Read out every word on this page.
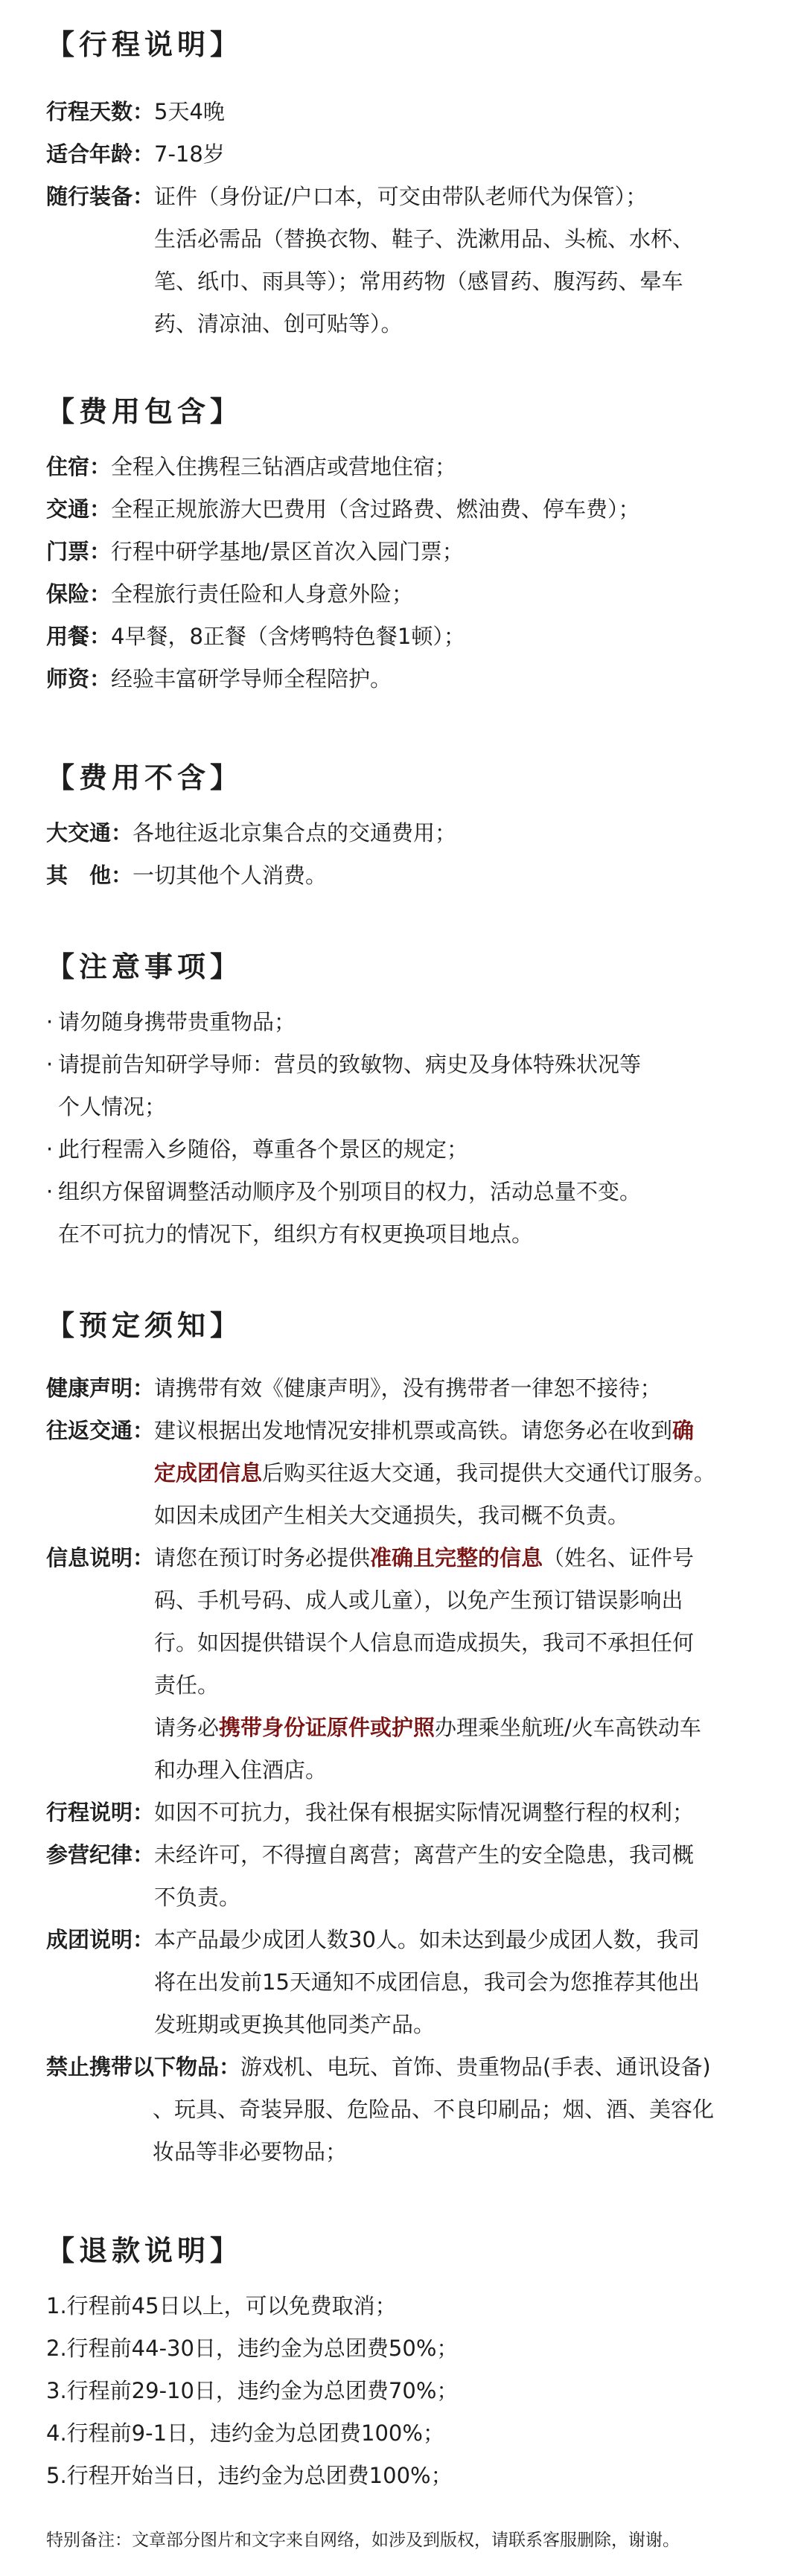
【行程说明】
行程天数： 5天4晚
适合年龄： 7-18岁
随行装备： 证件（身份证/户口本，可交由带队老师代为保管）；
生活必需品（替换衣物、鞋子、洗漱用品、头梳、水杯、
笔、纸巾、雨具等）；常用药物（感冒药、腹泻药、晕车
药、清凉油、创可贴等）。
【费用包含】
住宿： 全程入住携程三钻酒店或营地住宿；
交通： 全程正规旅游大巴费用（含过路费、燃油费、停车费）；
门票： 行程中研学基地/景区首次入园门票；
保险： 全程旅行责任险和人身意外险；
用餐： 4早餐，8正餐（含烤鸭特色餐1顿）；
师资： 经验丰富研学导师全程陪护。
【费用不含】
大交通： 各地往返北京集合点的交通费用；
其　他： 一切其他个人消费。
【注意事项】
· 请勿随身携带贵重物品；
· 请提前告知研学导师：营员的致敏物、病史及身体特殊状况等
个人情况；
· 此行程需入乡随俗，尊重各个景区的规定；
· 组织方保留调整活动顺序及个别项目的权力，活动总量不变。
在不可抗力的情况下，组织方有权更换项目地点。
【预定须知】
健康声明： 请携带有效《健康声明》，没有携带者一律恕不接待；
往返交通： 建议根据出发地情况安排机票或高铁。请您务必在收到确
定成团信息后购买往返大交通，我司提供大交通代订服务。
如因未成团产生相关大交通损失，我司概不负责。
信息说明： 请您在预订时务必提供准确且完整的信息（姓名、证件号
码、手机号码、成人或儿童），以免产生预订错误影响出
行。如因提供错误个人信息而造成损失，我司不承担任何
责任。
请务必携带身份证原件或护照办理乘坐航班/火车高铁动车
和办理入住酒店。
行程说明： 如因不可抗力，我社保有根据实际情况调整行程的权利；
参营纪律： 未经许可，不得擅自离营；离营产生的安全隐患，我司概
不负责。
成团说明： 本产品最少成团人数30人。如未达到最少成团人数，我司
将在出发前15天通知不成团信息，我司会为您推荐其他出
发班期或更换其他同类产品。
禁止携带以下物品： 游戏机、电玩、首饰、贵重物品(手表、通讯设备)
、玩具、奇装异服、危险品、不良印刷品；烟、酒、美容化
妆品等非必要物品；
【退款说明】
1.行程前45日以上，可以免费取消；
2.行程前44-30日，违约金为总团费50%；
3.行程前29-10日，违约金为总团费70%；
4.行程前9-1日，违约金为总团费100%；
5.行程开始当日，违约金为总团费100%；
特别备注：文章部分图片和文字来自网络，如涉及到版权，请联系客服删除，谢谢。
